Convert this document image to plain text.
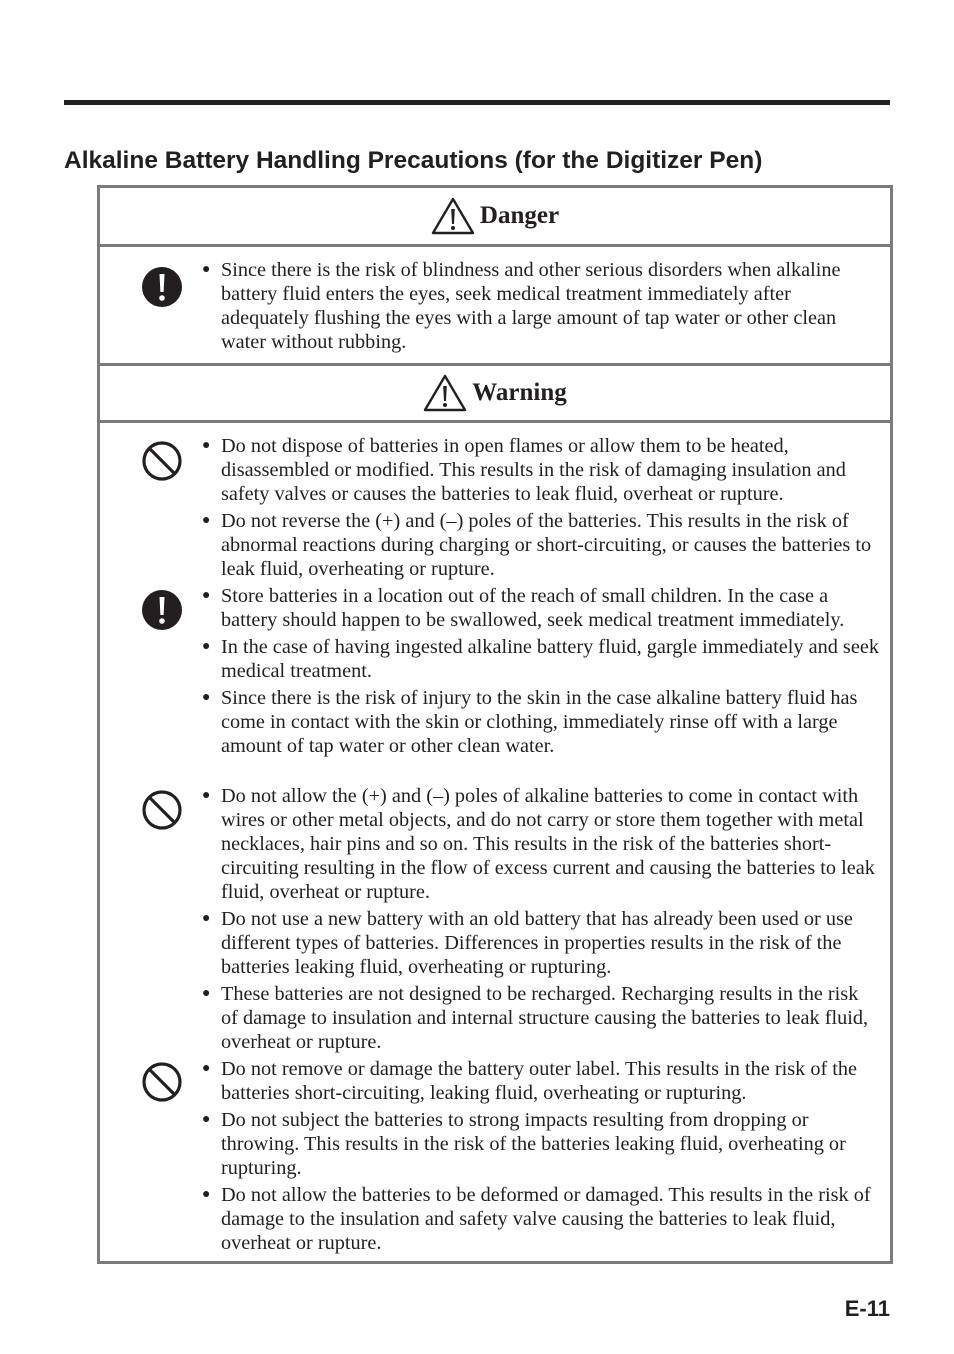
Alkaline Battery Handling Precautions (for the Digitizer Pen)
Danger
● Since there is the risk of blindness and other serious disorders when alkaline battery fluid enters the eyes, seek medical treatment immediately after adequately flushing the eyes with a large amount of tap water or other clean water without rubbing.
Warning
● Do not dispose of batteries in open flames or allow them to be heated, disassembled or modified. This results in the risk of damaging insulation and safety valves or causes the batteries to leak fluid, overheat or rupture.
● Do not reverse the (+) and (–) poles of the batteries. This results in the risk of abnormal reactions during charging or short-circuiting, or causes the batteries to leak fluid, overheating or rupture.
● Store batteries in a location out of the reach of small children. In the case a battery should happen to be swallowed, seek medical treatment immediately.
● In the case of having ingested alkaline battery fluid, gargle immediately and seek medical treatment.
● Since there is the risk of injury to the skin in the case alkaline battery fluid has come in contact with the skin or clothing, immediately rinse off with a large amount of tap water or other clean water.
● Do not allow the (+) and (–) poles of alkaline batteries to come in contact with wires or other metal objects, and do not carry or store them together with metal necklaces, hair pins and so on. This results in the risk of the batteries short-circuiting resulting in the flow of excess current and causing the batteries to leak fluid, overheat or rupture.
● Do not use a new battery with an old battery that has already been used or use different types of batteries. Differences in properties results in the risk of the batteries leaking fluid, overheating or rupturing.
● These batteries are not designed to be recharged. Recharging results in the risk of damage to insulation and internal structure causing the batteries to leak fluid, overheat or rupture.
● Do not remove or damage the battery outer label. This results in the risk of the batteries short-circuiting, leaking fluid, overheating or rupturing.
● Do not subject the batteries to strong impacts resulting from dropping or throwing. This results in the risk of the batteries leaking fluid, overheating or rupturing.
● Do not allow the batteries to be deformed or damaged. This results in the risk of damage to the insulation and safety valve causing the batteries to leak fluid, overheat or rupture.
E-11
